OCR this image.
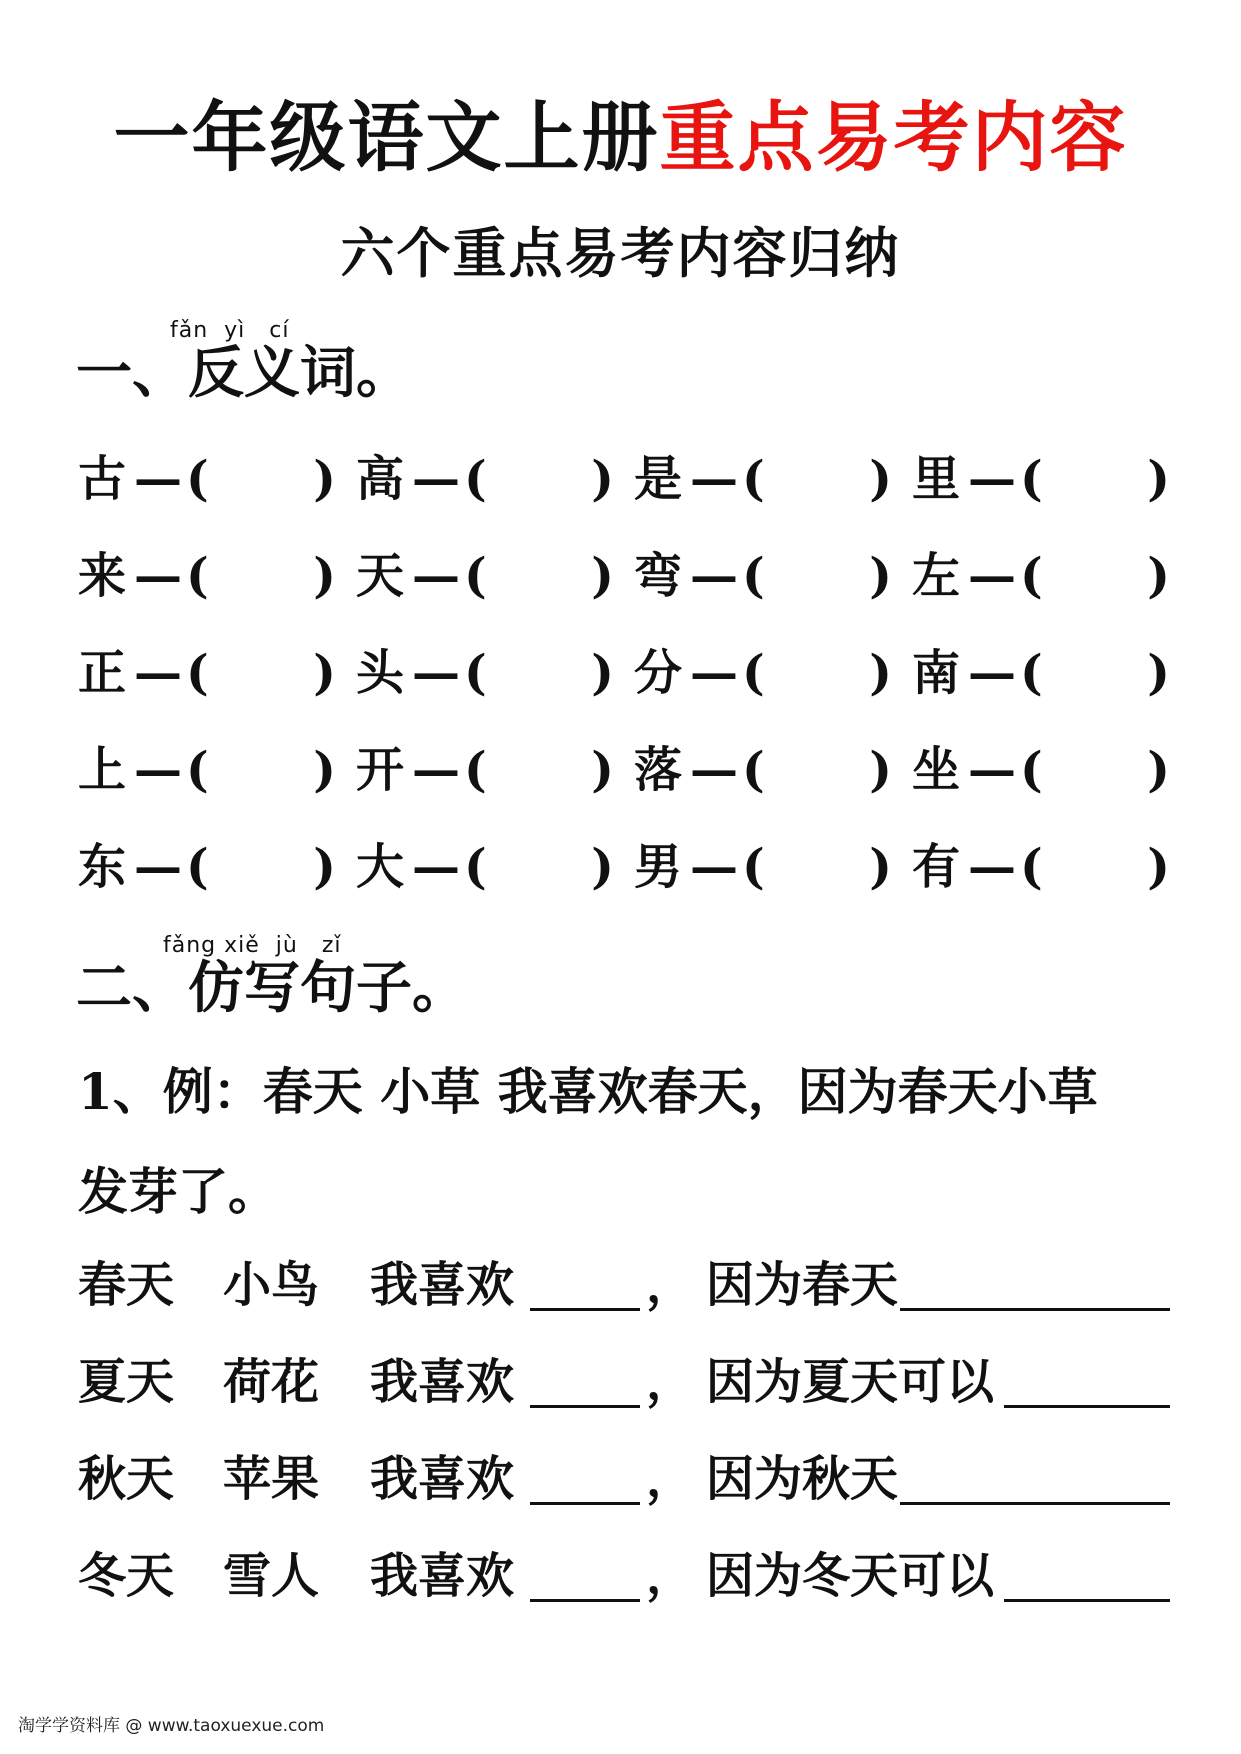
一年级语文上册重点易考内容
六个重点易考内容归纳
fǎn  yì   cí
一、反义词。
古 —( ) 高 —( ) 是 —( ) 里 —( )
来 —( ) 天 —( ) 弯 —( ) 左 —( )
正 —( ) 头 —( ) 分 —( ) 南 —( )
上 —( ) 开 —( ) 落 —( ) 坐 —( )
东 —( ) 大 —( ) 男 —( ) 有 —( )
fǎng xiě  jù   zǐ
二、仿写句子。
1、例：春天 小草 我喜欢春天，因为春天小草
发芽了。
春天 小鸟 我喜欢	， 因为春天
夏天 荷花 我喜欢	， 因为夏天可以
秋天 苹果 我喜欢	， 因为秋天
冬天 雪人 我喜欢	， 因为冬天可以
淘学学资料库 @ www.taoxuexue.com
